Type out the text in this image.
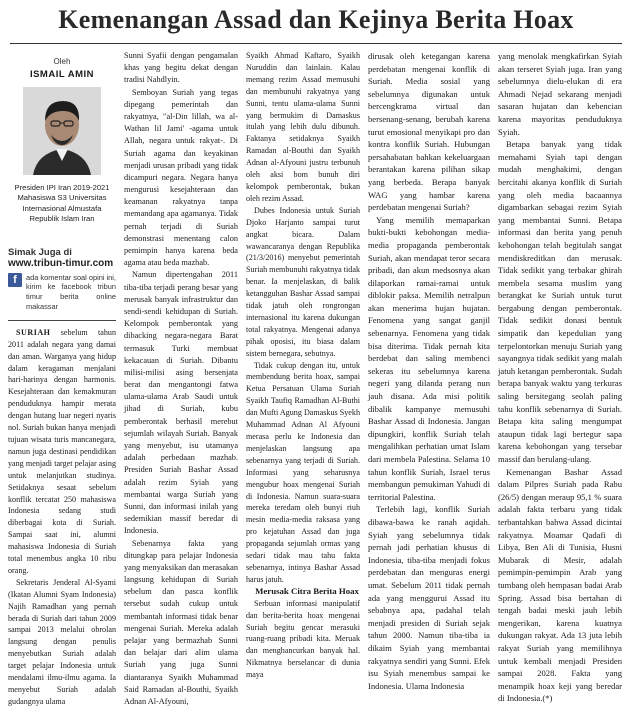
Kemenangan Assad dan Kejinya Berita Hoax
Oleh
ISMAIL AMIN
Presiden IPI Iran 2019-2021 Mahasiswa S3 Universitas Internasional Almustafa Republik Islam Iran
Simak Juga di
www.tribun-timur.com
f	ada komentar soal opini ini, kirim ke facebook tribun timur berita online makassar

SURIAH sebelum tahun 2011 adalah negara yang damai dan aman. Warganya yang hidup dalam keragaman menjalani hari-harinya dengan harmonis. Kesejahteraan dan kemakmuran penduduknya hampir merata dengan hutang luar negeri nyaris nol. Suriah bukan hanya menjadi tujuan wisata turis mancanegara, namun juga destinasi pendidikan yang menjadi target pelajar asing untuk melanjutkan studinya. Setidaknya sesaat sebelum konflik tercatat 250 mahasiswa Indonesia sedang studi diberbagai kota di Suriah. Sampai saat ini, alumni mahasiswa Indonesia di Suriah total menembus angka 10 ribu orang.

Sekretaris Jenderal Al-Syami (Ikatan Alumni Syam Indonesia) Najih Ramadhan yang pernah berada di Suriah dari tahun 2009 sampai 2013 melalui obrolan langsung dengan penulis menyebutkan Suriah adalah target pelajar Indonesia untuk mendalami ilmu-ilmu agama. Ia menyebut Suriah adalah gudangnya ulama

Sunni Syafii dengan pengamalan khas yang begitu dekat dengan tradisi Nahdlyin.

Semboyan Suriah yang tegas dipegang pemerintah dan rakyatnya, "al-Din lillah, wa al-Wathan lil Jami' -agama untuk Allah, negara untuk rakyat-. Di Suriah agama dan keyakinan menjadi urusan pribadi yang tidak dicampuri negara. Negara hanya mengurusi kesejahteraan dan keamanan rakyatnya tanpa memandang apa agamanya. Tidak pernah terjadi di Suriah demonstrasi menentang calon pemimpin hanya karena beda agama atau beda mazhab.

Namun dipertengahan 2011 tiba-tiba terjadi perang besar yang merusak banyak infrastruktur dan sendi-sendi kehidupan di Suriah. Kelompok pemberontak yang dibacking negara-negara Barat termasuk Turki membuat kekacauan di Suriah. Dibantu milisi-milisi asing bersenjata berat dan mengantongi fatwa ulama-ulama Arab Saudi untuk jihad di Suriah, kubu pemberontak berhasil merebut sejumlah wilayah Suriah. Banyak yang menyebut, isu utamanya adalah perbedaan mazhab. Presiden Suriah Bashar Assad adalah rezim Syiah yang membantai warga Suriah yang Sunni, dan informasi inilah yang sedemikian massif beredar di Indonesia.

Sebenarnya fakta yang ditungkap para pelajar Indonesia yang menyaksikan dan merasakan langsung kehidupan di Suriah sebelum dan pasca konflik tersebut sudah cukup untuk membantah informasi tidak benar mengenai Suriah. Mereka adalah pelajar yang bermazhab Sunni dan belajar dari alim ulama Suriah yang juga Sunni diantaranya Syaikh Muhammad Said Ramadan al-Bouthi, Syaikh Adnan Al-Afyouni,

Syaikh Ahmad Kaftaro, Syaikh Nuruddin dan lainlain. Kalau memang rezim Assad memusuhi dan membunuhi rakyatnya yang Sunni, tentu ulama-ulama Sunni yang bermukim di Damaskus itulah yang lebih dulu dibunuh. Faktanya setidaknya Syaikh Ramadan al-Bouthi dan Syaikh Adnan al-Afyouni justru terbunuh oleh aksi bom bunuh diri kelompok pemberontak, bukan oleh rezim Assad.

Dubes Indonesia untuk Suriah Djoko Harjanto sampai turut angkat bicara. Dalam wawancaranya dengan Republika (21/3/2016) menyebut pemerintah Suriah membunuhi rakyatnya tidak benar. Ia menjelaskan, di balik ketangguhan Bashar Assad sampai tidak jatuh oleh rongrongan internasional itu karena dukungan total rakyatnya. Mengenai adanya pihak oposisi, itu biasa dalam sistem bernegara, sebutnya.

Tidak cukup dengan itu, untuk membendung berita hoax, sampai Ketua Persatuan Ulama Suriah Syaikh Taufiq Ramadhan Al-Buthi dan Mufti Agung Damaskus Syekh Muhammad Adnan Al Afyouni merasa perlu ke Indonesia dan menjelaskan langsung apa sebenarnya yang terjadi di Suriah. Informasi yang seharusnya mengubur hoax mengenai Suriah di Indonesia. Namun suara-suara mereka teredam oleh bunyi riuh mesin media-media raksasa yang pro kejatuhan Assad dan juga propaganda sejumlah ormas yang sedari tidak mau tahu fakta sebenarnya, intinya Bashar Assad harus jatuh.

Merusak Citra Berita Hoax

Serbuan informasi manipulatif dan berita-berita hoax mengenai Suriah begitu gencar merasuki ruang-ruang pribadi kita. Meruak dan menghancurkan banyak hal. Nikmatnya berselancar di dunia maya

dirusak oleh ketegangan karena perdebatan mengenai konflik di Suriah. Media sosial yang sebelumnya digunakan untuk bercengkrama virtual dan bersenang-senang, berubah karena turut emosional menyikapi pro dan kontra konflik Suriah. Hubungan persahabatan bahkan kekeluargaan berantakan karena pilihan sikap yang berbeda. Berapa banyak WAG yang hambar karena perdebatan mengenai Suriah?

Yang memilih memaparkan bukti-bukti kebohongan media-media propaganda pemberontak Suriah, akan mendapat teror secara pribadi, dan akun medsosnya akan dilaporkan ramai-ramai untuk diblokir paksa. Memilih netralpun akan menerima hujan hujatan. Fenomena yang sangat ganjil sebenarnya. Fenomena yang tidak bisa diterima. Tidak pernah kita berdebat dan saling membenci sekeras itu sebelumnya karena negeri yang dilanda perang nun jauh disana. Ada misi politik dibalik kampanye memusuhi Bashar Assad di Indonesia. Jangan dipungkiri, konflik Suriah telah mengalihkan perhatian umat Islam dari membela Palestina. Selama 10 tahun konflik Suriah, Israel terus membangun pemukiman Yahudi di territorial Palestina.

Terlebih lagi, konflik Suriah dibawa-bawa ke ranah aqidah. Syiah yang sebelumnya tidak pernah jadi perhatian khusus di Indonesia, tiba-tiba menjadi fokus perdebatan dan menguras energi umat. Sebelum 2011 tidak pernah ada yang menggurui Assad itu sebabnya apa, padahal telah menjadi presiden di Suriah sejak tahun 2000. Namun tiba-tiba ia dikaim Syiah yang membantai rakyatnya sendiri yang Sunni. Efek isu Syiah menembus sampai ke Indonesia. Ulama Indonesia

yang menolak mengkafirkan Syiah akan terseret Syiah juga. Iran yang sebelumnya dielu-elukan di era Ahmadi Nejad sekarang menjadi sasaran hujatan dan kebencian karena mayoritas penduduknya Syiah.

Betapa banyak yang tidak memahami Syiah tapi dengan mudah menghakimi, dengan bercitahi akanya konflik di Suriah yang oleh media bacaannya digambarkan sebagai rezim Syiah yang membantai Sunni. Betapa informasi dan berita yang penuh kebohongan telah begitulah sangat mendiskreditkan dan merusak. Tidak sedikit yang terbakar ghirah membela sesama muslim yang berangkat ke Suriah untuk turut bergabung dengan pemberontak. Tidak sedikit donasi bentuk simpatik dan kepedulian yang terpelontorkan menuju Suriah yang sayangnya tidak sedikit yang malah jatuh ketangan pemberontak. Sudah berapa banyak waktu yang terkuras saling bersitegang seolah paling tahu konflik sebenarnya di Suriah. Betapa kita saling mengumpat ataupun tidak lagi bertegur sapa karena kebohongan yang tersebar massif dan berulang-ulang.

Kemenangan Bashar Assad dalam Pilpres Suriah pada Rabu (26/5) dengan meraup 95,1 % suara adalah fakta terbaru yang tidak terbantahkan bahwa Assad dicintai rakyatnya. Moamar Qadafi di Libya, Ben Ali di Tunisia, Husni Mubarak di Mesir, adalah pemimpin-pemimpin Arab yang tumbang oleh hempasan badai Arab Spring. Assad bisa bertahan di tengah badai meski jauh lebih mengerikan, karena kuatnya dukungan rakyat. Ada 13 juta lebih rakyat Suriah yang memilihnya untuk kembali menjadi Presiden sampai 2028. Fakta yang menampik hoax keji yang beredar di Indonesia.(*)
